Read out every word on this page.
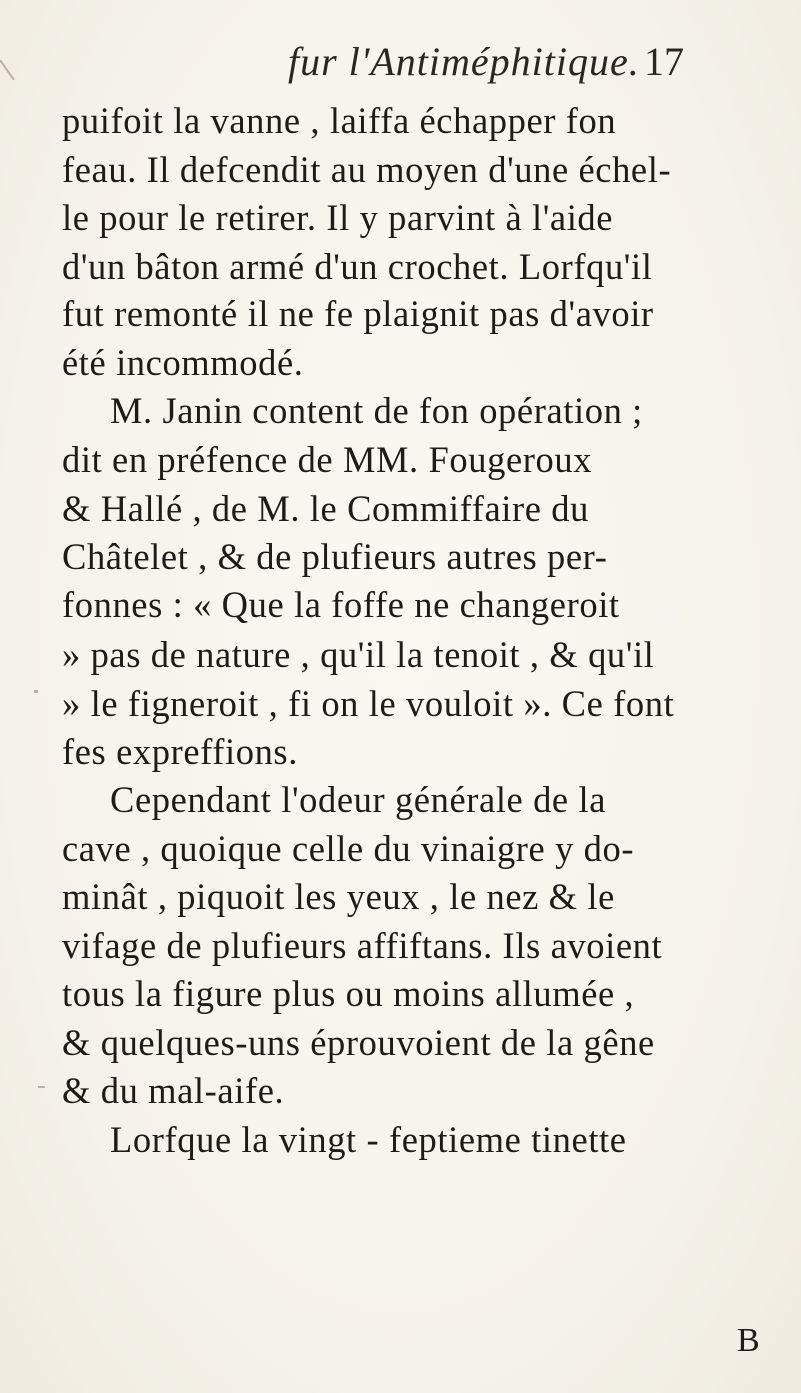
fur l'Antiméphitique. 17
puifoit la vanne , laiffa échapper fon
feau. Il defcendit au moyen d'une échel-
le pour le retirer. Il y parvint à l'aide
d'un bâton armé d'un crochet. Lorfqu'il
fut remonté il ne fe plaignit pas d'avoir
été incommodé.
M. Janin content de fon opération ;
dit en préfence de MM. Fougeroux
& Hallé , de M. le Commiffaire du
Châtelet , & de plufieurs autres per-
fonnes : « Que la foffe ne changeroit
» pas de nature , qu'il la tenoit , & qu'il
» le figneroit , fi on le vouloit ». Ce font
fes expreffions.
Cependant l'odeur générale de la
cave , quoique celle du vinaigre y do-
minât , piquoit les yeux , le nez & le
vifage de plufieurs affiftans. Ils avoient
tous la figure plus ou moins allumée ,
& quelques-uns éprouvoient de la gêne
& du mal-aife.
Lorfque la vingt - feptieme tinette
B
